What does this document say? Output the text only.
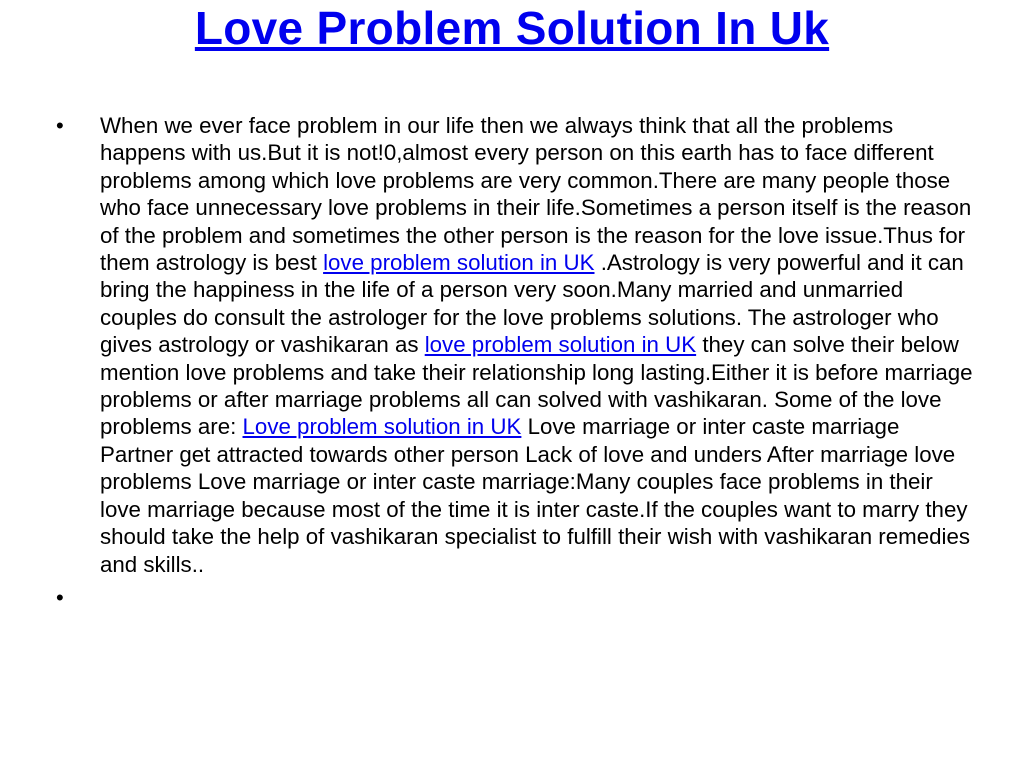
Love Problem Solution In Uk
• When we ever face problem in our life then we always think that all the problems happens with us.But it is not!0,almost every person on this earth has to face different problems among which love problems are very common.There are many people those who face unnecessary love problems in their life.Sometimes a person itself is the reason of the problem and sometimes the other person is the reason for the love issue.Thus for them astrology is best love problem solution in UK .Astrology is very powerful and it can bring the happiness in the life of a person very soon.Many married and unmarried couples do consult the astrologer for the love problems solutions. The astrologer who gives astrology or vashikaran as love problem solution in UK they can solve their below mention love problems and take their relationship long lasting.Either it is before marriage problems or after marriage problems all can solved with vashikaran. Some of the love problems are: Love problem solution in UK Love marriage or inter caste marriage Partner get attracted towards other person Lack of love and unders After marriage love problems Love marriage or inter caste marriage:Many couples face problems in their love marriage because most of the time it is inter caste.If the couples want to marry they should take the help of vashikaran specialist to fulfill their wish with vashikaran remedies and skills..
•
